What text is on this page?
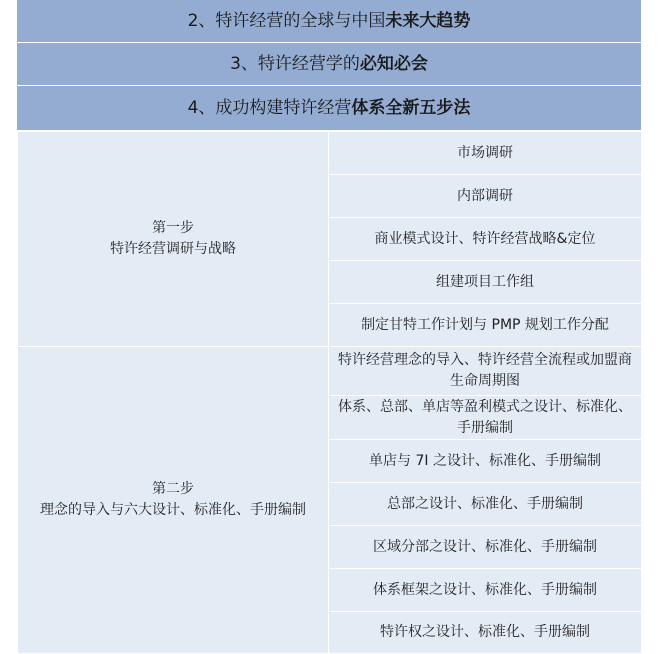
2、特许经营的全球与中国未来大趋势
3、特许经营学的必知必会
4、成功构建特许经营体系全新五步法
第一步
特许经营调研与战略	市场调研
	内部调研
	商业模式设计、特许经营战略&定位
	组建项目工作组
	制定甘特工作计划与 PMP 规划工作分配

第二步
理念的导入与六大设计、标准化、手册编制	特许经营理念的导入、特许经营全流程或加盟商生命周期图
	体系、总部、单店等盈利模式之设计、标准化、手册编制
	单店与 7I 之设计、标准化、手册编制
	总部之设计、标准化、手册编制
	区域分部之设计、标准化、手册编制
	体系框架之设计、标准化、手册编制
	特许权之设计、标准化、手册编制
